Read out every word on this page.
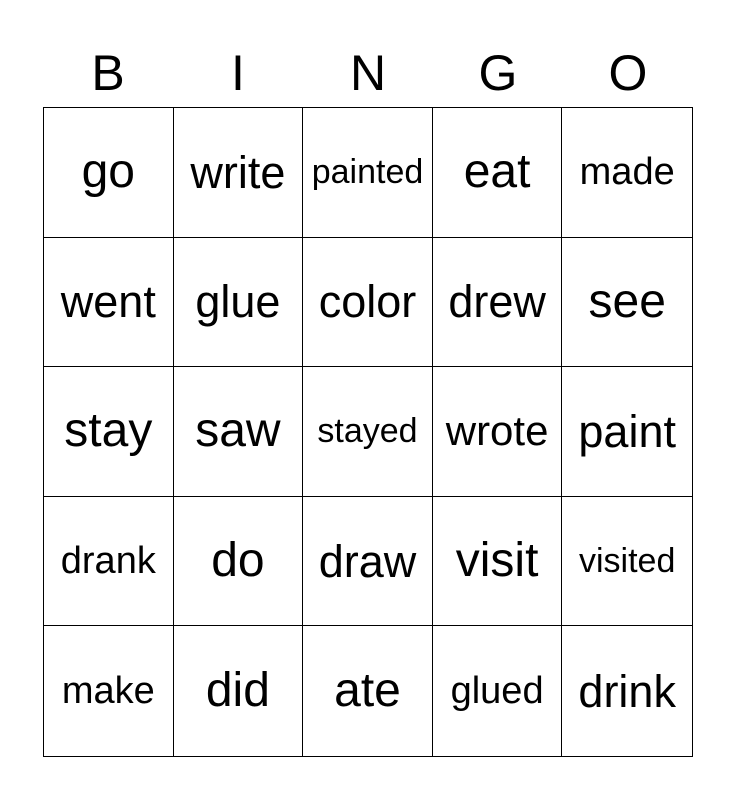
B	I	N	G	O
go write painted eat made
went glue color drew see
stay saw stayed wrote paint
drank do draw visit visited
make did ate glued drink
